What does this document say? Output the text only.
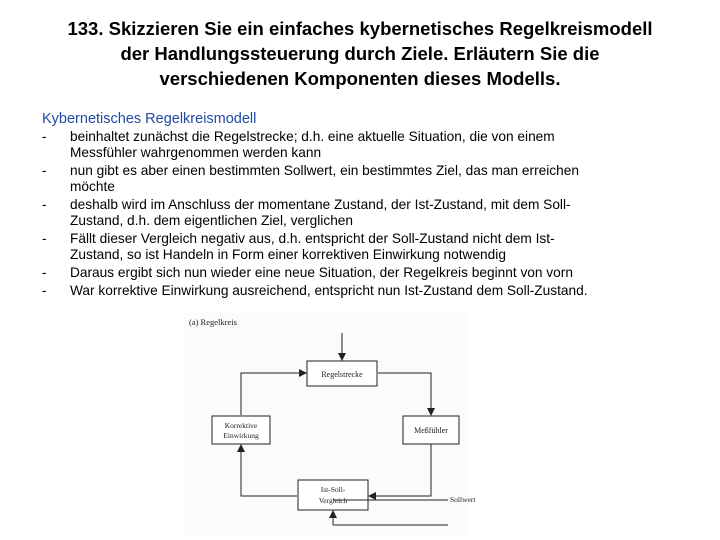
133. Skizzieren Sie ein einfaches kybernetisches Regelkreismodell
der Handlungssteuerung durch Ziele. Erläutern Sie die
verschiedenen Komponenten dieses Modells.
Kybernetisches Regelkreismodell
-	beinhaltet zunächst die Regelstrecke; d.h. eine aktuelle Situation, die von einem
Messfühler wahrgenommen werden kann
-	nun gibt es aber einen bestimmten Sollwert, ein bestimmtes Ziel, das man erreichen
möchte
-	deshalb wird im Anschluss der momentane Zustand, der Ist-Zustand, mit dem Soll-
Zustand, d.h. dem eigentlichen Ziel, verglichen
-	Fällt dieser Vergleich negativ aus, d.h. entspricht der Soll-Zustand nicht dem Ist-
Zustand, so ist Handeln in Form einer korrektiven Einwirkung notwendig
-	Daraus ergibt sich nun wieder eine neue Situation, der Regelkreis beginnt von vorn
-	War korrektive Einwirkung ausreichend, entspricht nun Ist-Zustand dem Soll-Zustand.
(a) Regelkreis
Regelstrecke
Korrektive
Einwirkung
Meßfühler
Ist-Soll-
Vergleich	Sollwert
